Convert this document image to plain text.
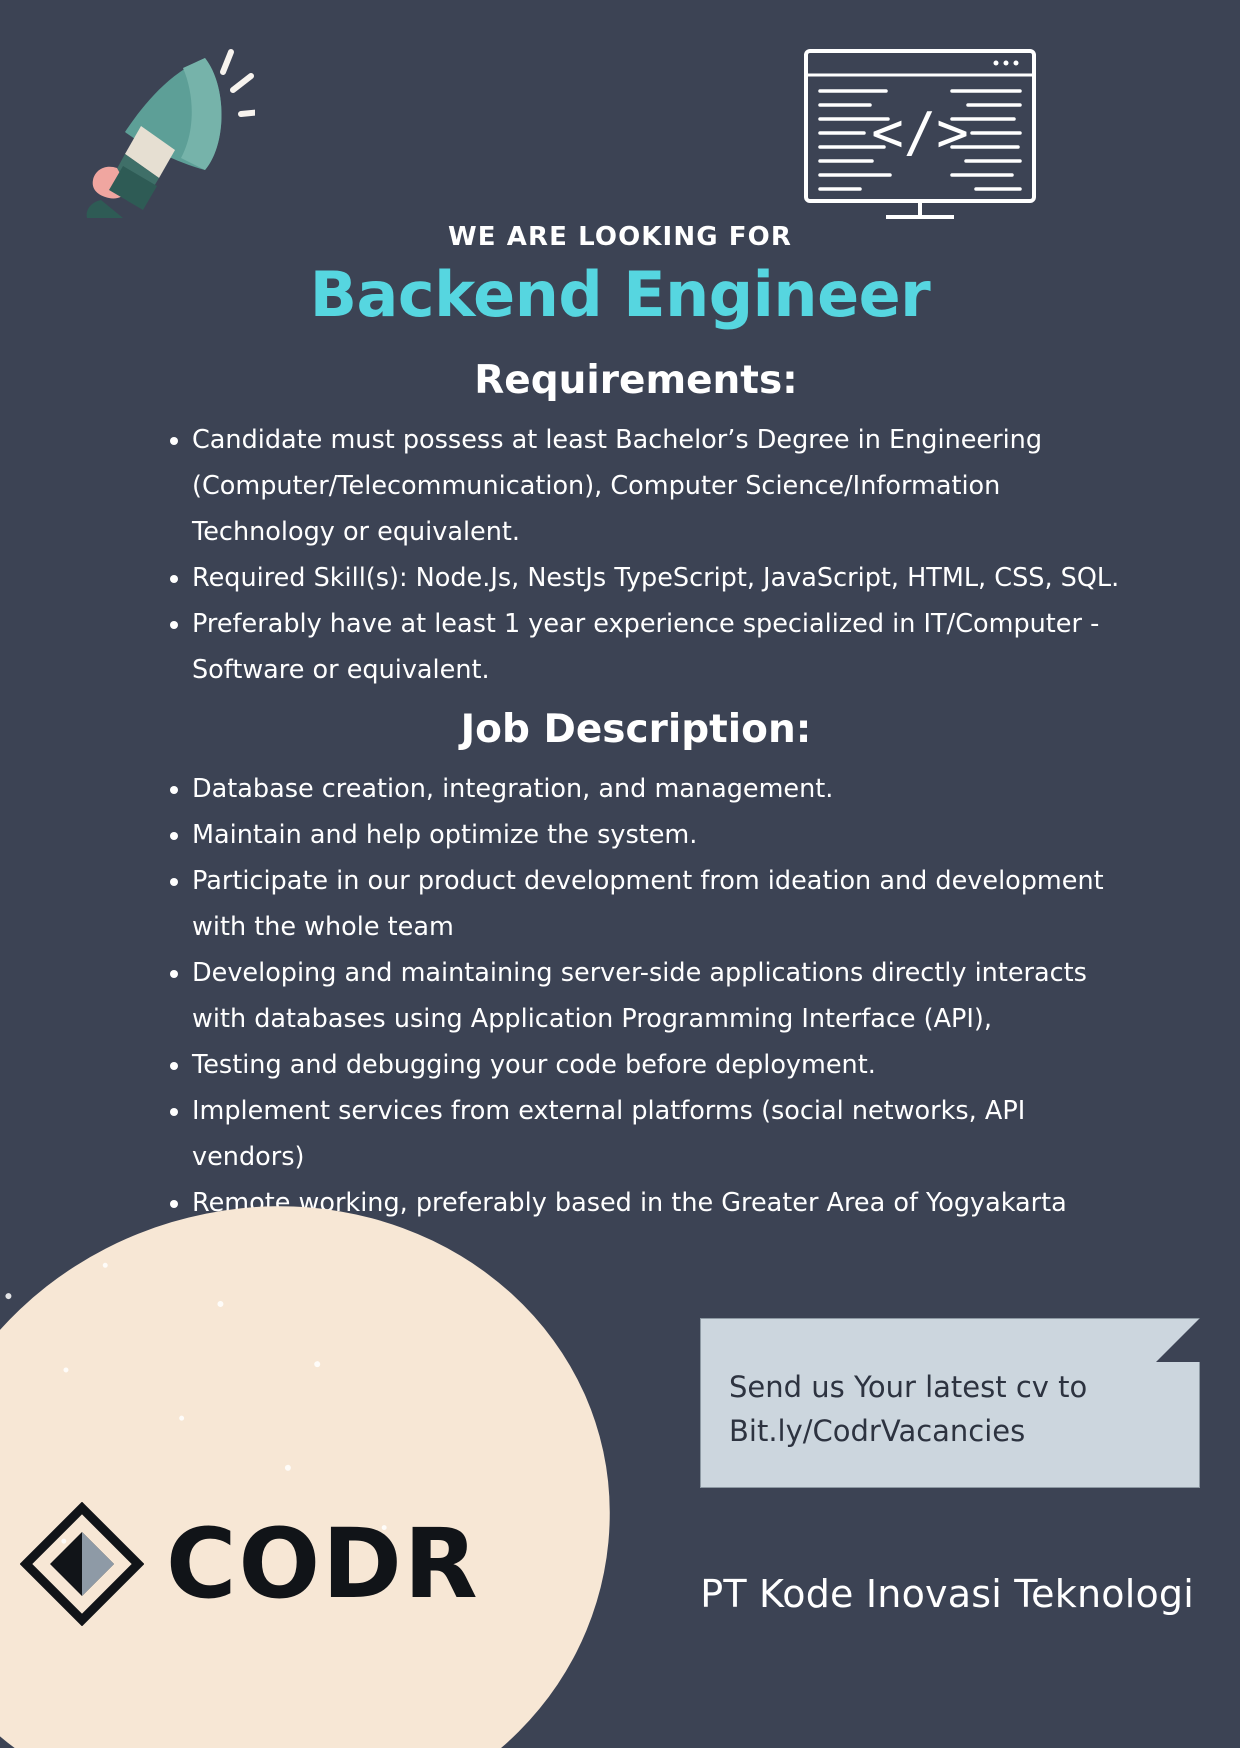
</>
WE ARE LOOKING FOR
Backend Engineer
Requirements:
Candidate must possess at least Bachelor’s Degree in Engineering (Computer/Telecommunication), Computer Science/Information Technology or equivalent.
Required Skill(s): Node.Js, NestJs TypeScript, JavaScript, HTML, CSS, SQL.
Preferably have at least 1 year experience specialized in IT/Computer - Software or equivalent.
Job Description:
Database creation, integration, and management.
Maintain and help optimize the system.
Participate in our product development from ideation and development with the whole team
Developing and maintaining server-side applications directly interacts with databases using Application Programming Interface (API),
Testing and debugging your code before deployment.
Implement services from external platforms (social networks, API vendors)
Remote working, preferably based in the Greater Area of Yogyakarta
CODR
Send us Your latest cv to
Bit.ly/CodrVacancies
PT Kode Inovasi Teknologi
